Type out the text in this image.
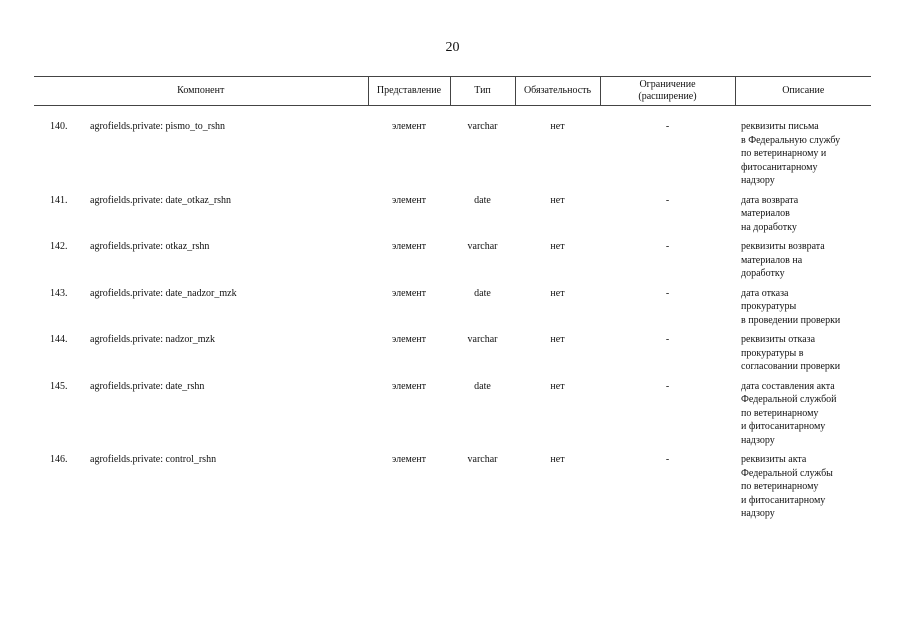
20
Компонент	Представление	Тип	Обязательность	Ограничение
(расширение)	Описание

140. agrofields.private: pismo_to_rshn	элемент	varchar	нет	-	реквизиты письма
в Федеральную службу
по ветеринарному и
фитосанитарному
надзору

141. agrofields.private: date_otkaz_rshn	элемент	date	нет	-	дата возврата
материалов
на доработку

142. agrofields.private: otkaz_rshn	элемент	varchar	нет	-	реквизиты возврата
материалов на
доработку

143. agrofields.private: date_nadzor_mzk	элемент	date	нет	-	дата отказа
прокуратуры
в проведении проверки

144. agrofields.private: nadzor_mzk	элемент	varchar	нет	-	реквизиты отказа
прокуратуры в
согласовании проверки

145. agrofields.private: date_rshn	элемент	date	нет	-	дата составления акта
Федеральной службой
по ветеринарному
и фитосанитарному
надзору

146. agrofields.private: control_rshn	элемент	varchar	нет	-	реквизиты акта
Федеральной службы
по ветеринарному
и фитосанитарному
надзору
